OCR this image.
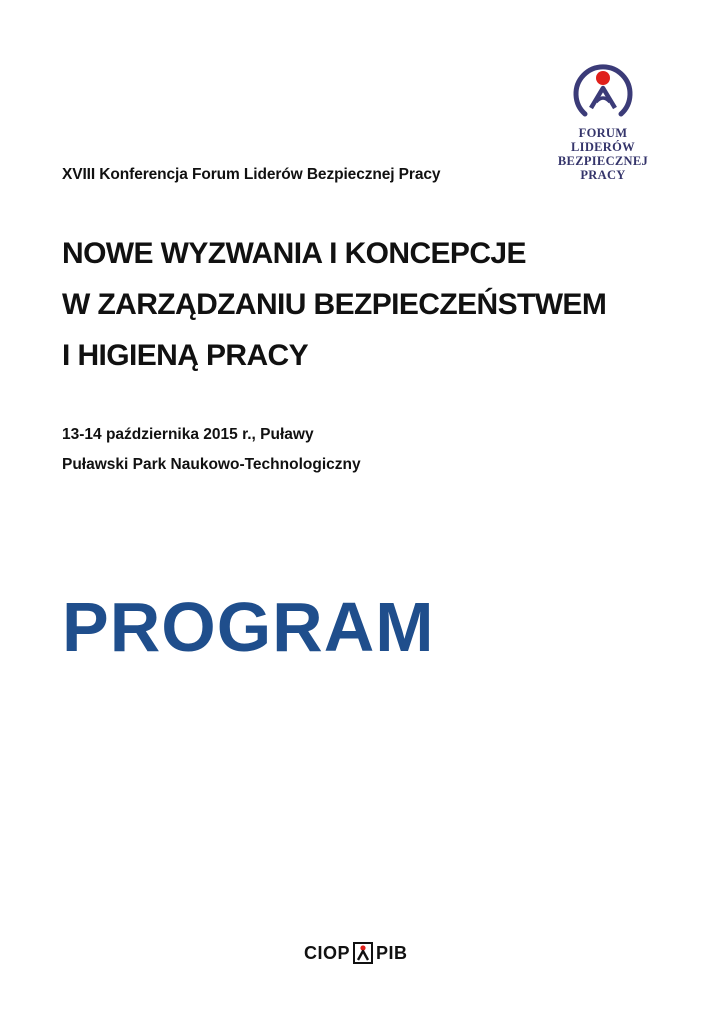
FORUM
LIDERÓW
BEZPIECZNEJ
PRACY
XVIII Konferencja Forum Liderów Bezpiecznej Pracy
NOWE WYZWANIA I KONCEPCJE
W ZARZĄDZANIU BEZPIECZEŃSTWEM
I HIGIENĄ PRACY
13-14 października 2015 r., Puławy
Puławski Park Naukowo-Technologiczny
PROGRAM
CIOP PIB
